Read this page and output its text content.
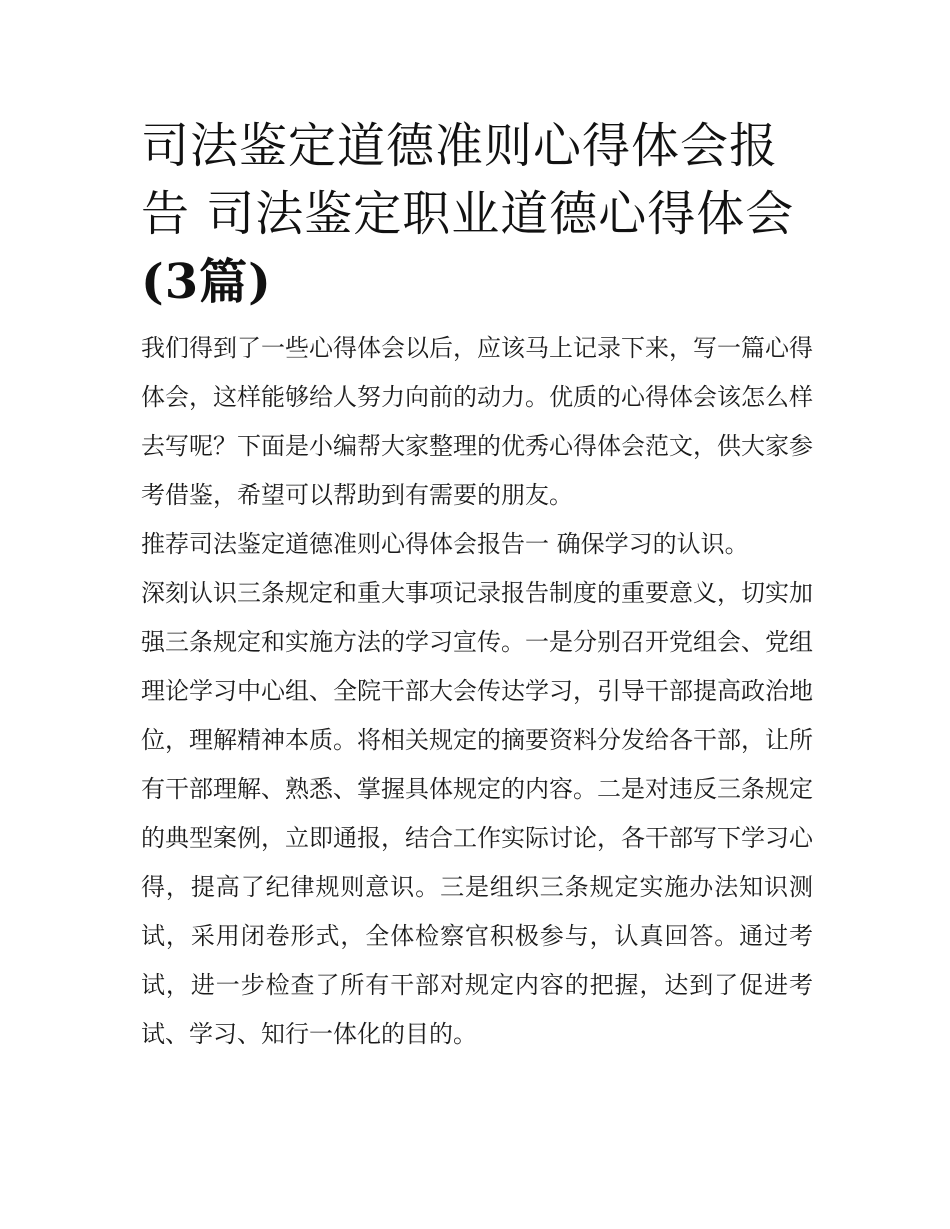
司法鉴定道德准则心得体会报告 司法鉴定职业道德心得体会
(3篇)

我们得到了一些心得体会以后，应该马上记录下来，写一篇心得体会，这样能够给人努力向前的动力。优质的心得体会该怎么样去写呢？下面是小编帮大家整理的优秀心得体会范文，供大家参考借鉴，希望可以帮助到有需要的朋友。

推荐司法鉴定道德准则心得体会报告一 确保学习的认识。

深刻认识三条规定和重大事项记录报告制度的重要意义，切实加强三条规定和实施方法的学习宣传。一是分别召开党组会、党组理论学习中心组、全院干部大会传达学习，引导干部提高政治地位，理解精神本质。将相关规定的摘要资料分发给各干部，让所有干部理解、熟悉、掌握具体规定的内容。二是对违反三条规定的典型案例，立即通报，结合工作实际讨论，各干部写下学习心得，提高了纪律规则意识。三是组织三条规定实施办法知识测试，采用闭卷形式，全体检察官积极参与，认真回答。通过考试，进一步检查了所有干部对规定内容的把握，达到了促进考试、学习、知行一体化的目的。
